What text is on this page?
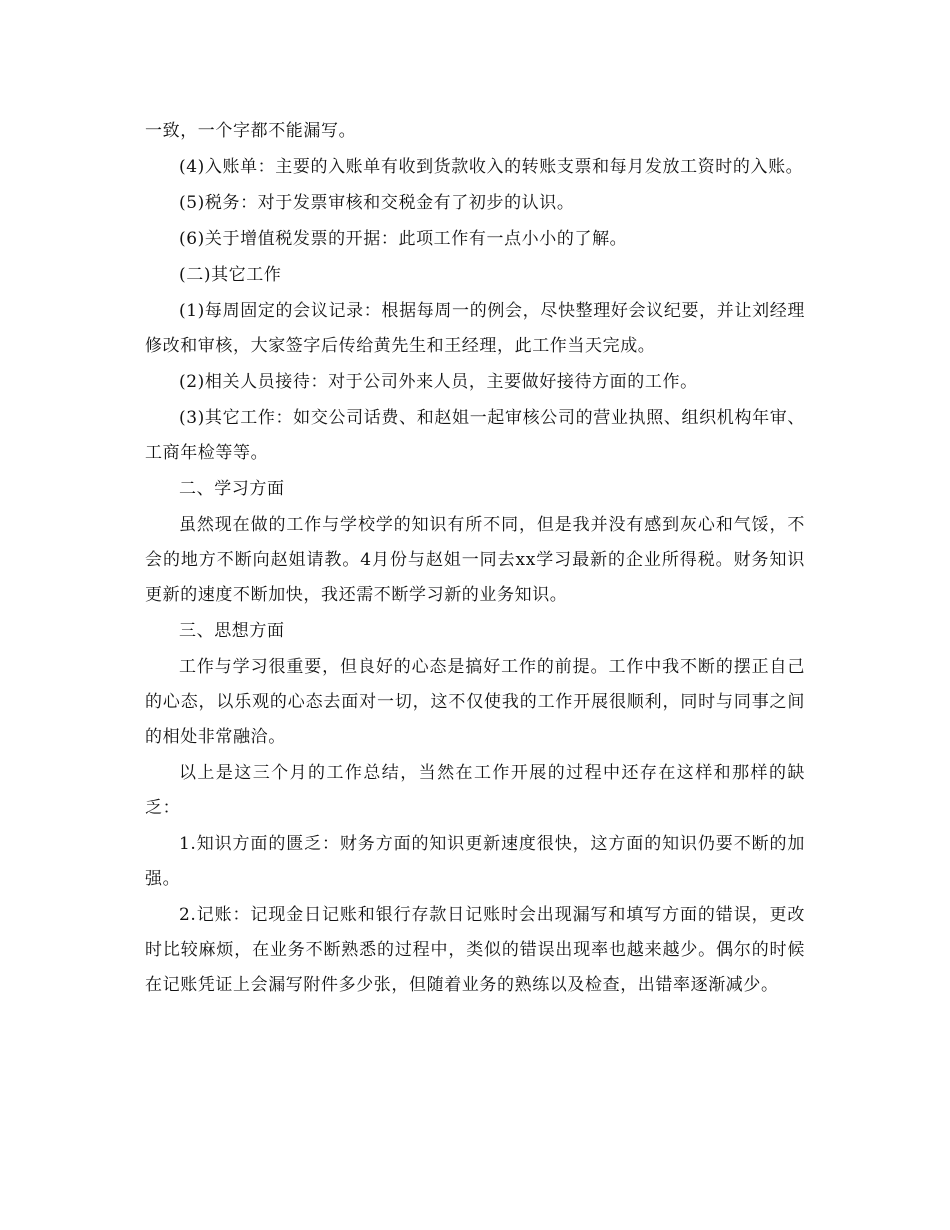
一致，一个字都不能漏写。

(4)入账单：主要的入账单有收到货款收入的转账支票和每月发放工资时的入账。

(5)税务：对于发票审核和交税金有了初步的认识。

(6)关于增值税发票的开据：此项工作有一点小小的了解。

(二)其它工作

(1)每周固定的会议记录：根据每周一的例会，尽快整理好会议纪要，并让刘经理修改和审核，大家签字后传给黄先生和王经理，此工作当天完成。

(2)相关人员接待：对于公司外来人员，主要做好接待方面的工作。

(3)其它工作：如交公司话费、和赵姐一起审核公司的营业执照、组织机构年审、工商年检等等。

二、学习方面

虽然现在做的工作与学校学的知识有所不同，但是我并没有感到灰心和气馁，不会的地方不断向赵姐请教。4月份与赵姐一同去xx学习最新的企业所得税。财务知识更新的速度不断加快，我还需不断学习新的业务知识。

三、思想方面

工作与学习很重要，但良好的心态是搞好工作的前提。工作中我不断的摆正自己的心态，以乐观的心态去面对一切，这不仅使我的工作开展很顺利，同时与同事之间的相处非常融洽。

以上是这三个月的工作总结，当然在工作开展的过程中还存在这样和那样的缺乏：

1.知识方面的匮乏：财务方面的知识更新速度很快，这方面的知识仍要不断的加强。

2.记账：记现金日记账和银行存款日记账时会出现漏写和填写方面的错误，更改时比较麻烦，在业务不断熟悉的过程中，类似的错误出现率也越来越少。偶尔的时候在记账凭证上会漏写附件多少张，但随着业务的熟练以及检查，出错率逐渐减少。
